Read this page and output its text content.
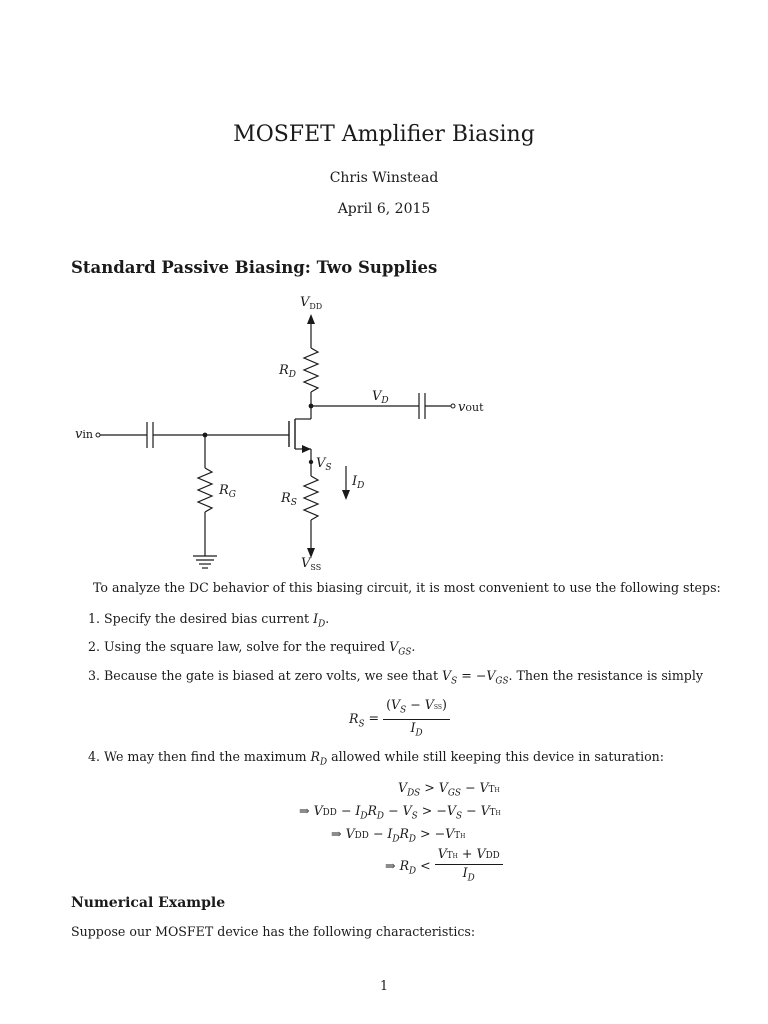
MOSFET Amplifier Biasing
Chris Winstead
April 6, 2015
Standard Passive Biasing: Two Supplies
$V_{DD}$
$R_D$
$V_D$	vout
vin
$V_S$
$I_D$
$R_G$	$R_S$
$V_{SS}$
To analyze the DC behavior of this biasing circuit, it is most convenient to use the following steps:
1. Specify the desired bias current $I_D$.
2. Using the square law, solve for the required $V_{GS}$.
3. Because the gate is biased at zero volts, we see that $V_S = -V_{GS}$. Then the resistance is simply
$R_S = \frac{(V_S - Vss)}{I_D}$
4. We may then find the maximum $R_D$ allowed while still keeping this device in saturation:
$V_{DS} > V_{GS}$ − VTh
⇒ VDD − $I_DR_D - V_S > -V_S$ − VTh
⇒ VDD − $I_DR_D > -VTh$
⇒ $R_D < \frac{\text{VTh + VDD}}{I_D}$
Numerical Example
Suppose our MOSFET device has the following characteristics:
1
